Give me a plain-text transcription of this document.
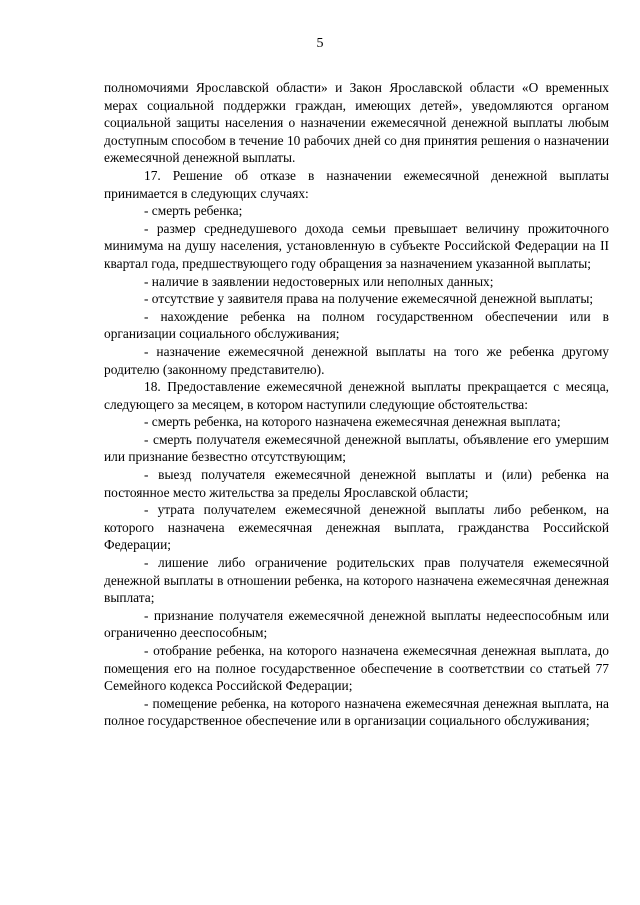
5

полномочиями Ярославской области» и Закон Ярославской области «О временных мерах социальной поддержки граждан, имеющих детей», уведомляются органом социальной защиты населения о назначении ежемесячной денежной выплаты любым доступным способом в течение 10 рабочих дней со дня принятия решения о назначении ежемесячной денежной выплаты.

17. Решение об отказе в назначении ежемесячной денежной выплаты принимается в следующих случаях:

- смерть ребенка;

- размер среднедушевого дохода семьи превышает величину прожиточного минимума на душу населения, установленную в субъекте Российской Федерации на II квартал года, предшествующего году обращения за назначением указанной выплаты;

- наличие в заявлении недостоверных или неполных данных;

- отсутствие у заявителя права на получение ежемесячной денежной выплаты;

- нахождение ребенка на полном государственном обеспечении или в организации социального обслуживания;

- назначение ежемесячной денежной выплаты на того же ребенка другому родителю (законному представителю).

18. Предоставление ежемесячной денежной выплаты прекращается с месяца, следующего за месяцем, в котором наступили следующие обстоятельства:

- смерть ребенка, на которого назначена ежемесячная денежная выплата;

- смерть получателя ежемесячной денежной выплаты, объявление его умершим или признание безвестно отсутствующим;

- выезд получателя ежемесячной денежной выплаты и (или) ребенка на постоянное место жительства за пределы Ярославской области;

- утрата получателем ежемесячной денежной выплаты либо ребенком, на которого назначена ежемесячная денежная выплата, гражданства Российской Федерации;

- лишение либо ограничение родительских прав получателя ежемесячной денежной выплаты в отношении ребенка, на которого назначена ежемесячная денежная выплата;

- признание получателя ежемесячной денежной выплаты недееспособным или ограниченно дееспособным;

- отобрание ребенка, на которого назначена ежемесячная денежная выплата, до помещения его на полное государственное обеспечение в соответствии со статьей 77 Семейного кодекса Российской Федерации;

- помещение ребенка, на которого назначена ежемесячная денежная выплата, на полное государственное обеспечение или в организации социального обслуживания;
